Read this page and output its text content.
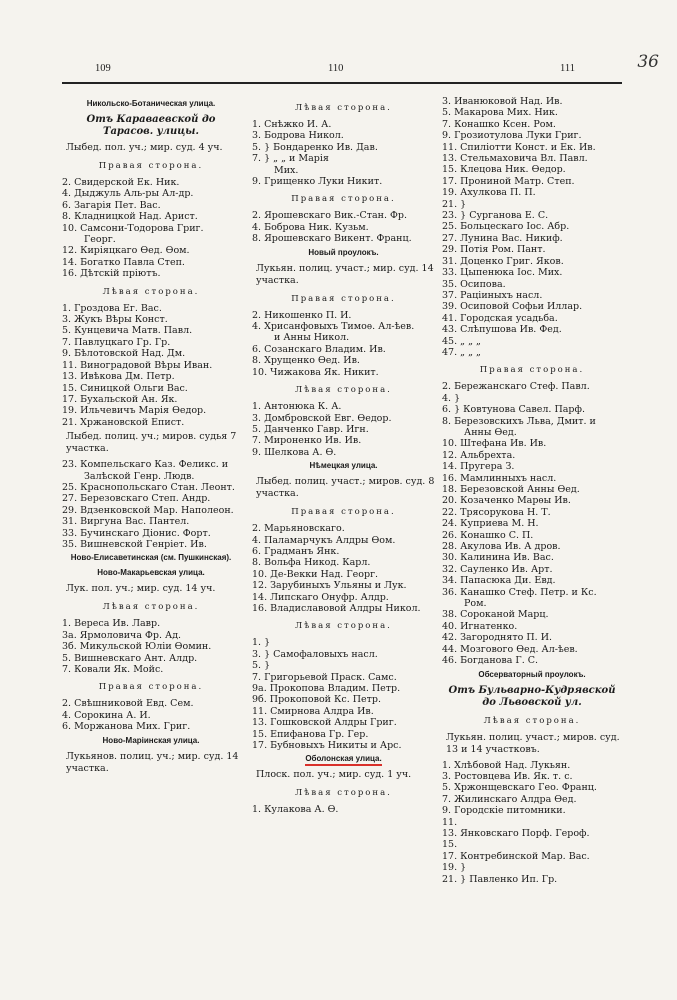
109	110	111	36
Никольско-Ботаническая улица.
Отъ Караваевской до Тарасов. улицы.
Лыбед. пол. уч.; мир. суд. 4 уч.
Правая сторона.
2. Свидерской Ек. Ник.
4. Дыджуль Аль-ры Ал-др.
6. Загарія Пет. Вас.
8. Кладницкой Над. Арист.
10. Самсони-Тодорова Григ.
Георг.
12. Кирiяцкаго Ѳед. Ѳом.
14. Богатко Павла Степ.
16. Дѣтскій пріютъ.
Лѣвая сторона.
1. Гроздова Ег. Вас.
3. Жукъ Вѣры Конст.
5. Кунцевича Матв. Павл.
7. Павлуцкаго Гр. Гр.
9. Бѣлотовской Над. Дм.
11. Виноградовой Вѣры Иван.
13. Ивѣкова Дм. Петр.
15. Синицкой Ольги Вас.
17. Бухальской Ан. Як.
19. Ильчевичъ Марія Ѳедор.
21. Хржановской Епист.
Лыбед. полиц. уч.; миров. судья 7 участка.
23. Компельскаго Каз. Феликс. и
Залѣской Генр. Людв.
25. Краснопольскаго Стан. Леонт.
27. Березовскаго Степ. Андр.
29. Вдзенковской Мар. Наполеон.
31. Виргуна Вас. Пантел.
33. Бучинскаго Діонис. Форт.
35. Вишневской Генріет. Ив.
Ново-Елисаветинская (см. Пушкинская).
Ново-Макарьевская улица.
Лук. пол. уч.; мир. суд. 14 уч.
Лѣвая сторона.
1. Вереса Ив. Лавр.
3а. Ярмоловича Фр. Ад.
3б. Микульской Юліи Ѳомин.
5. Вишневскаго Ант. Алдр.
7. Ковали Як. Мойс.
Правая сторона.
2. Свѣшниковой Евд. Сем.
4. Сорокина А. И.
6. Моржанова Мих. Григ.
Ново-Маріинская улица.
Лукьянов. полиц. уч.; мир. суд. 14 участка.
Лѣвая сторона.
1. Снѣжко И. А.
3. Бодрова Никол.
5. } Бондаренко Ив. Дав.
7. } „ „ и Марія
Мих.
9. Грищенко Луки Никит.
Правая сторона.
2. Ярошевскаго Вик.-Стан. Фр.
4. Боброва Ник. Кузьм.
8. Ярошевскаго Викент. Франц.
Новый проулокъ.
Лукьян. полиц. участ.; мир. суд. 14 участка.
Правая сторона.
2. Никошенко П. И.
4. Хрисанфовыхъ Тимоѳ. Ал-ѣев.
и Анны Никол.
6. Созанскаго Владим. Ив.
8. Хрущенко Ѳед. Ив.
10. Чижакова Як. Никит.
Лѣвая сторона.
1. Антонюка К. А.
3. Домбровской Евг. Ѳедор.
5. Данченко Гавр. Игн.
7. Мироненко Ив. Ив.
9. Шелкова А. Ѳ.
Нѣмецкая улица.
Лыбед. полиц. участ.; миров. суд. 8 участка.
Правая сторона.
2. Марьяновскаго.
4. Паламарчукъ Алдры Ѳом.
6. Градманъ Янк.
8. Вольфа Никод. Карл.
10. Де-Векки Над. Георг.
12. Зарубиныхъ Ульяны и Лук.
14. Липскаго Онуфр. Алдр.
16. Владиславовой Алдры Никол.
Лѣвая сторона.
1. }
3. } Самофаловыхъ насл.
5. }
7. Григорьевой Праск. Самс.
9а. Прокопова Владим. Петр.
9б. Прокоповой Кс. Петр.
11. Смирнова Алдра Ив.
13. Гошковской Алдры Григ.
15. Епифанова Гр. Гер.
17. Бубновыхъ Никиты и Арс.
Оболонская улица.
Плоск. пол. уч.; мир. суд. 1 уч.
Лѣвая сторона.
1. Кулакова А. Ѳ.
3. Иванюковой Над. Ив.
5. Макарова Мих. Ник.
7. Конашко Ксен. Ром.
9. Грозиотулова Луки Григ.
11. Спилiотти Конст. и Ек. Ив.
13. Стельмаховича Вл. Павл.
15. Клецова Ник. Ѳедор.
17. Прониной Матр. Степ.
19. Ахулкова П. П.
21. }
23. } Сурганова Е. С.
25. Больцескаго Іос. Абр.
27. Лунина Вас. Никиф.
29. Потія Ром. Пант.
31. Доценко Григ. Яков.
33. Цыпенюка Іос. Мих.
35. Осипова.
37. Рацiиныхъ насл.
39. Осиповой Софьи Иллар.
41. Городская усадьба.
43. Слѣпушова Ив. Фед.
45. „ „ „
47. „ „ „
Правая сторона.
2. Бережанскаго Стеф. Павл.
4. }
6. } Ковтунова Савел. Парф.
8. Березовскихъ Льва, Дмит. и
Анны Ѳед.
10. Штефана Ив. Ив.
12. Альбрехта.
14. Пругера З.
16. Мамлинныхъ насл.
18. Березовской Анны Ѳед.
20. Козаченко Марѳы Ив.
22. Трясорукова Н. Т.
24. Куприева М. Н.
26. Конашко С. П.
28. Акулова Ив. А дров.
30. Калинина Ив. Вас.
32. Сауленко Ив. Арт.
34. Папасюка Ди. Евд.
36. Канашко Стеф. Петр. и Кс.
Ром.
38. Сороканой Марц.
40. Игнатенко.
42. Загороднято П. И.
44. Мозгового Ѳед. Ал-ѣев.
46. Богданова Г. С.
Обсерваторный проулокъ.
Отъ Бульварно-Кудрявской до Львовской ул.
Лѣвая сторона.
Лукьян. полиц. участ.; миров. суд. 13 и 14 участковъ.
1. Хлѣбовой Над. Лукьян.
3. Ростовцева Ив. Як. т. с.
5. Хржонщевскаго Гео. Франц.
7. Жилинскаго Алдра Ѳед.
9. Городскіе питомники.
11.
13. Янковскаго Порф. Героф.
15.
17. Контребинской Мар. Вас.
19. }
21. } Павленко Ип. Гр.
